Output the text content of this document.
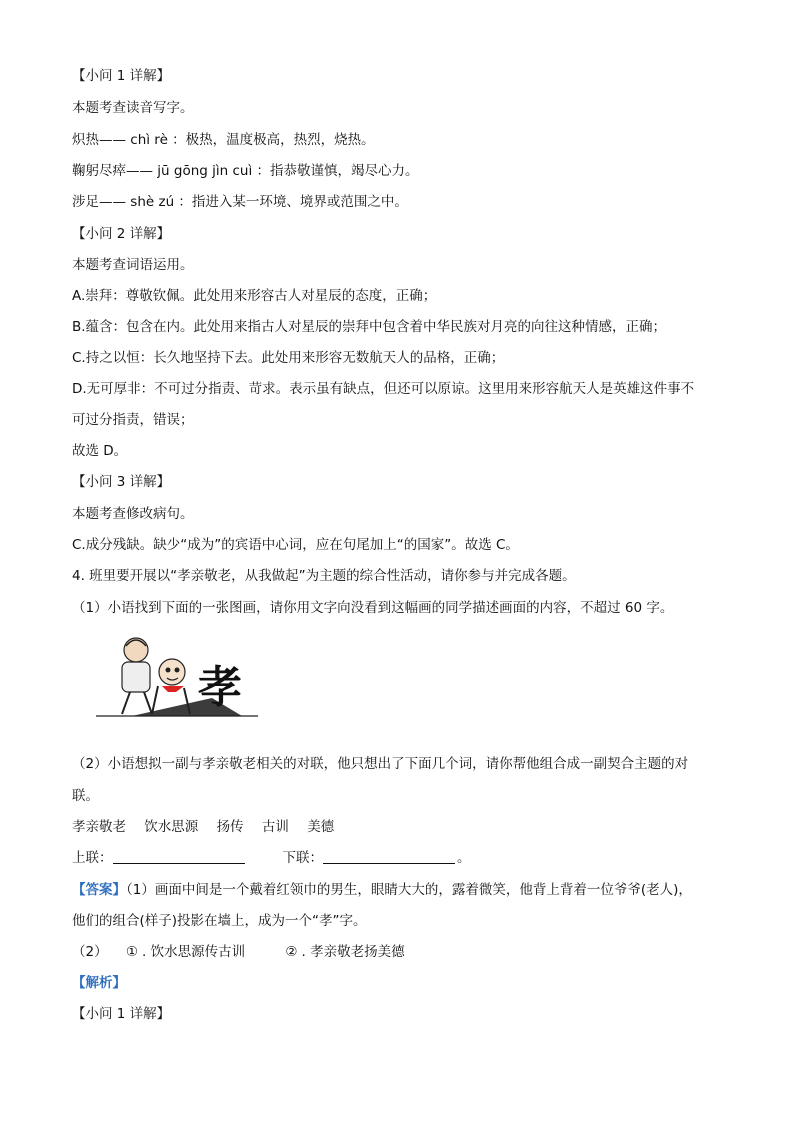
【小问 1 详解】
本题考查读音写字。
炽热—— chì rè ：极热，温度极高，热烈，烧热。
鞠躬尽瘁—— jū gōng jìn cuì ：指恭敬谨慎，竭尽心力。
涉足—— shè zú ：指进入某一环境、境界或范围之中。
【小问 2 详解】
本题考查词语运用。
A.崇拜：尊敬钦佩。此处用来形容古人对星辰的态度，正确；
B.蕴含：包含在内。此处用来指古人对星辰的崇拜中包含着中华民族对月亮的向往这种情感，正确；
C.持之以恒：长久地坚持下去。此处用来形容无数航天人的品格，正确；
D.无可厚非：不可过分指责、苛求。表示虽有缺点，但还可以原谅。这里用来形容航天人是英雄这件事不
可过分指责，错误；
故选 D。
【小问 3 详解】
本题考查修改病句。
C.成分残缺。缺少“成为”的宾语中心词，应在句尾加上“的国家”。故选 C。
4. 班里要开展以“孝亲敬老，从我做起”为主题的综合性活动，请你参与并完成各题。
（1）小语找到下面的一张图画，请你用文字向没看到这幅画的同学描述画面的内容，不超过 60 字。
孝
（2）小语想拟一副与孝亲敬老相关的对联，他只想出了下面几个词，请你帮他组合成一副契合主题的对
联。
孝亲敬老 饮水思源 扬传 古训 美德
上联：	下联：	。
【答案】（1）画面中间是一个戴着红领巾的男生，眼睛大大的，露着微笑，他背上背着一位爷爷(老人)，
他们的组合(样子)投影在墙上，成为一个“孝”字。
（2） ① . 饮水思源传古训	② . 孝亲敬老扬美德
【解析】
【小问 1 详解】
